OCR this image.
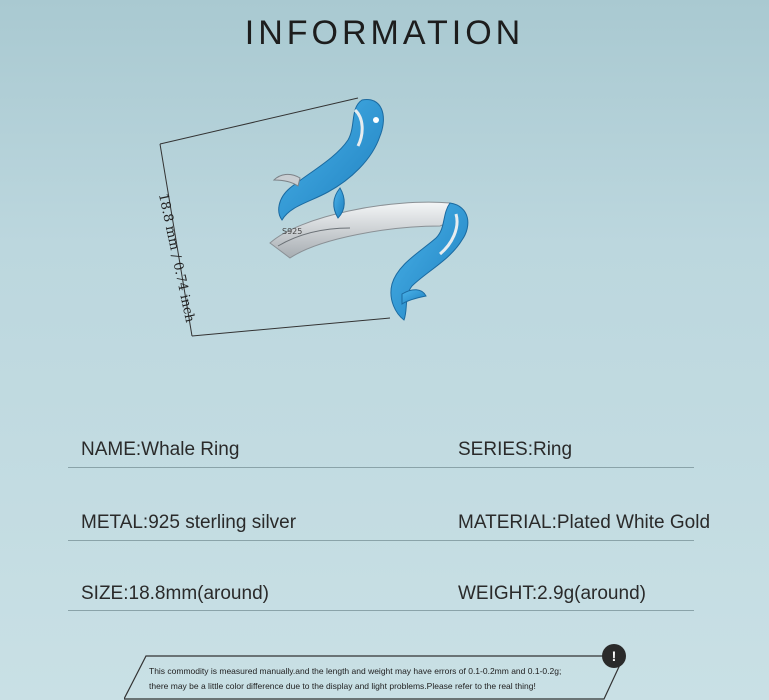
INFORMATION
S925
18.8 mm / 0.74 inch
NAME:Whale Ring	SERIES:Ring
METAL:925 sterling silver	MATERIAL:Plated White Gold
SIZE:18.8mm(around)	WEIGHT:2.9g(around)
!
This commodity is measured manually.and the length and weight may have errors of 0.1-0.2mm and 0.1-0.2g;
there may be a little color difference due to the display and light problems.Please refer to the real thing!
